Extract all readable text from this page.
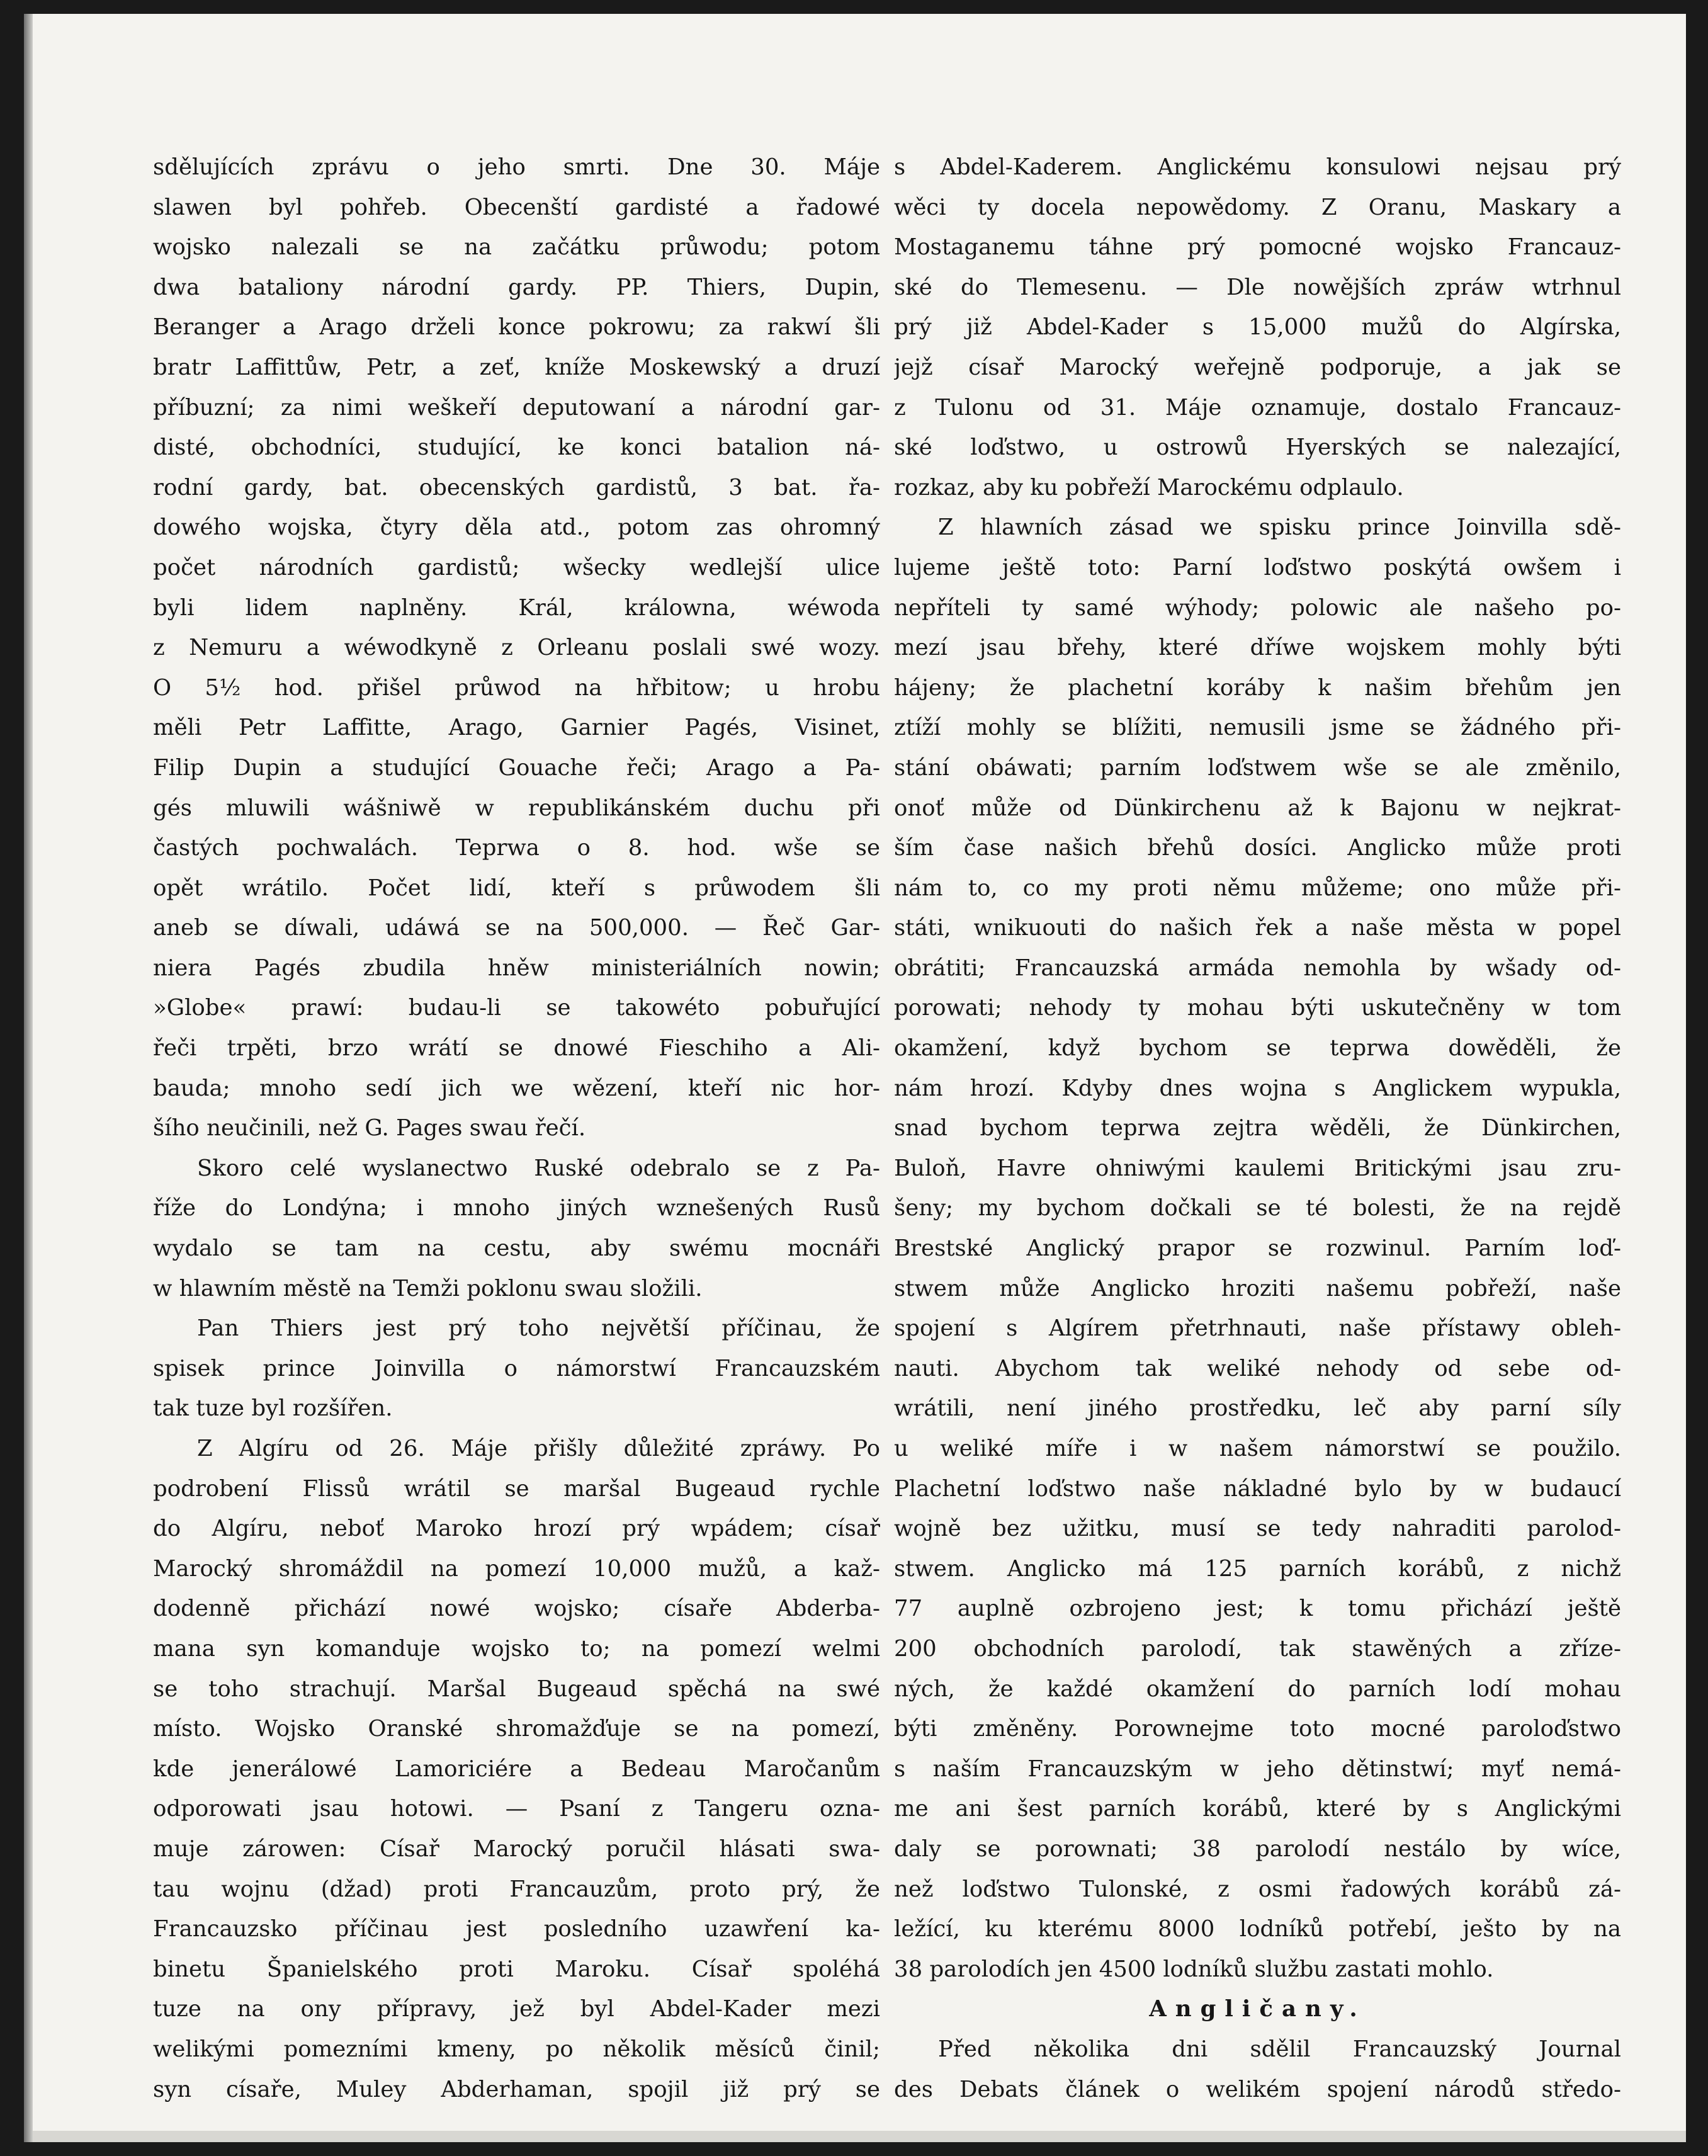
sdělujících zprávu o jeho smrti. Dne 30. Máje
slawen byl pohřeb. Obecenští gardisté a řadowé
wojsko nalezali se na začátku průwodu; potom
dwa bataliony národní gardy. PP. Thiers, Dupin,
Beranger a Arago drželi konce pokrowu; za rakwí šli
bratr Laffittůw, Petr, a zeť, kníže Moskewský a druzí
příbuzní; za nimi weškeří deputowaní a národní gar-
disté, obchodníci, studující, ke konci batalion ná-
rodní gardy, bat. obecenských gardistů, 3 bat. řa-
dowého wojska, čtyry děla atd., potom zas ohromný
počet národních gardistů; wšecky wedlejší ulice
byli lidem naplněny. Král, králowna, wéwoda
z Nemuru a wéwodkyně z Orleanu poslali swé wozy.
O 5½ hod. přišel průwod na hřbitow; u hrobu
měli Petr Laffitte, Arago, Garnier Pagés, Visinet,
Filip Dupin a studující Gouache řeči; Arago a Pa-
gés mluwili wášniwě w republikánském duchu při
častých pochwalách. Teprwa o 8. hod. wše se
opět wrátilo. Počet lidí, kteří s průwodem šli
aneb se díwali, udáwá se na 500,000. — Řeč Gar-
niera Pagés zbudila hněw ministeriálních nowin;
»Globe« prawí: budau-li se takowéto pobuřující
řeči trpěti, brzo wrátí se dnowé Fieschiho a Ali-
bauda; mnoho sedí jich we wězení, kteří nic hor-
šího neučinili, než G. Pages swau řečí.
Skoro celé wyslanectwo Ruské odebralo se z Pa-
říže do Londýna; i mnoho jiných wznešených Rusů
wydalo se tam na cestu, aby swému mocnáři
w hlawním městě na Temži poklonu swau složili.
Pan Thiers jest prý toho největší příčinau, že
spisek prince Joinvilla o námorstwí Francauzském
tak tuze byl rozšířen.
Z Algíru od 26. Máje přišly důležité zpráwy. Po
podrobení Flissů wrátil se maršal Bugeaud rychle
do Algíru, neboť Maroko hrozí prý wpádem; císař
Marocký shromáždil na pomezí 10,000 mužů, a kaž-
dodenně přichází nowé wojsko; císaře Abderba-
mana syn komanduje wojsko to; na pomezí welmi
se toho strachují. Maršal Bugeaud spěchá na swé
místo. Wojsko Oranské shromažďuje se na pomezí,
kde jenerálowé Lamoriciére a Bedeau Maročanům
odporowati jsau hotowi. — Psaní z Tangeru ozna-
muje zárowen: Císař Marocký poručil hlásati swa-
tau wojnu (džad) proti Francauzům, proto prý, že
Francauzsko příčinau jest posledního uzawření ka-
binetu Španielského proti Maroku. Císař spoléhá
tuze na ony přípravy, jež byl Abdel-Kader mezi
welikými pomezními kmeny, po několik měsíců činil;
syn císaře, Muley Abderhaman, spojil již prý se
s Abdel-Kaderem. Anglickému konsulowi nejsau prý
wěci ty docela nepowědomy. Z Oranu, Maskary a
Mostaganemu táhne prý pomocné wojsko Francauz-
ské do Tlemesenu. — Dle nowějších zpráw wtrhnul
prý již Abdel-Kader s 15,000 mužů do Algírska,
jejž císař Marocký weřejně podporuje, a jak se
z Tulonu od 31. Máje oznamuje, dostalo Francauz-
ské loďstwo, u ostrowů Hyerských se nalezající,
rozkaz, aby ku pobřeží Marockému odplaulo.
Z hlawních zásad we spisku prince Joinvilla sdě-
lujeme ještě toto: Parní loďstwo poskýtá owšem i
nepříteli ty samé wýhody; polowic ale našeho po-
mezí jsau břehy, které dříwe wojskem mohly býti
hájeny; že plachetní koráby k našim břehům jen
ztíží mohly se blížiti, nemusili jsme se žádného při-
stání obáwati; parním loďstwem wše se ale změnilo,
onoť může od Dünkirchenu až k Bajonu w nejkrat-
ším čase našich břehů dosíci. Anglicko může proti
nám to, co my proti němu můžeme; ono může při-
státi, wnikuouti do našich řek a naše města w popel
obrátiti; Francauzská armáda nemohla by wšady od-
porowati; nehody ty mohau býti uskutečněny w tom
okamžení, když bychom se teprwa dowěděli, že
nám hrozí. Kdyby dnes wojna s Anglickem wypukla,
snad bychom teprwa zejtra wěděli, že Dünkirchen,
Buloň, Havre ohniwými kaulemi Britickými jsau zru-
šeny; my bychom dočkali se té bolesti, že na rejdě
Brestské Anglický prapor se rozwinul. Parním loď-
stwem může Anglicko hroziti našemu pobřeží, naše
spojení s Algírem přetrhnauti, naše přístawy obleh-
nauti. Abychom tak weliké nehody od sebe od-
wrátili, není jiného prostředku, leč aby parní síly
u weliké míře i w našem námorstwí se použilo.
Plachetní loďstwo naše nákladné bylo by w budaucí
wojně bez užitku, musí se tedy nahraditi parolod-
stwem. Anglicko má 125 parních korábů, z nichž
77 auplně ozbrojeno jest; k tomu přichází ještě
200 obchodních parolodí, tak stawěných a zříze-
ných, že každé okamžení do parních lodí mohau
býti změněny. Porownejme toto mocné paroloďstwo
s naším Francauzským w jeho dětinstwí; myť nemá-
me ani šest parních korábů, které by s Anglickými
daly se porownati; 38 parolodí nestálo by wíce,
než loďstwo Tulonské, z osmi řadowých korábů zá-
ležící, ku kterému 8000 lodníků potřebí, ješto by na
38 parolodích jen 4500 lodníků službu zastati mohlo.
Angličany.
Před několika dni sdělil Francauzský Journal
des Debats článek o welikém spojení národů středo-
